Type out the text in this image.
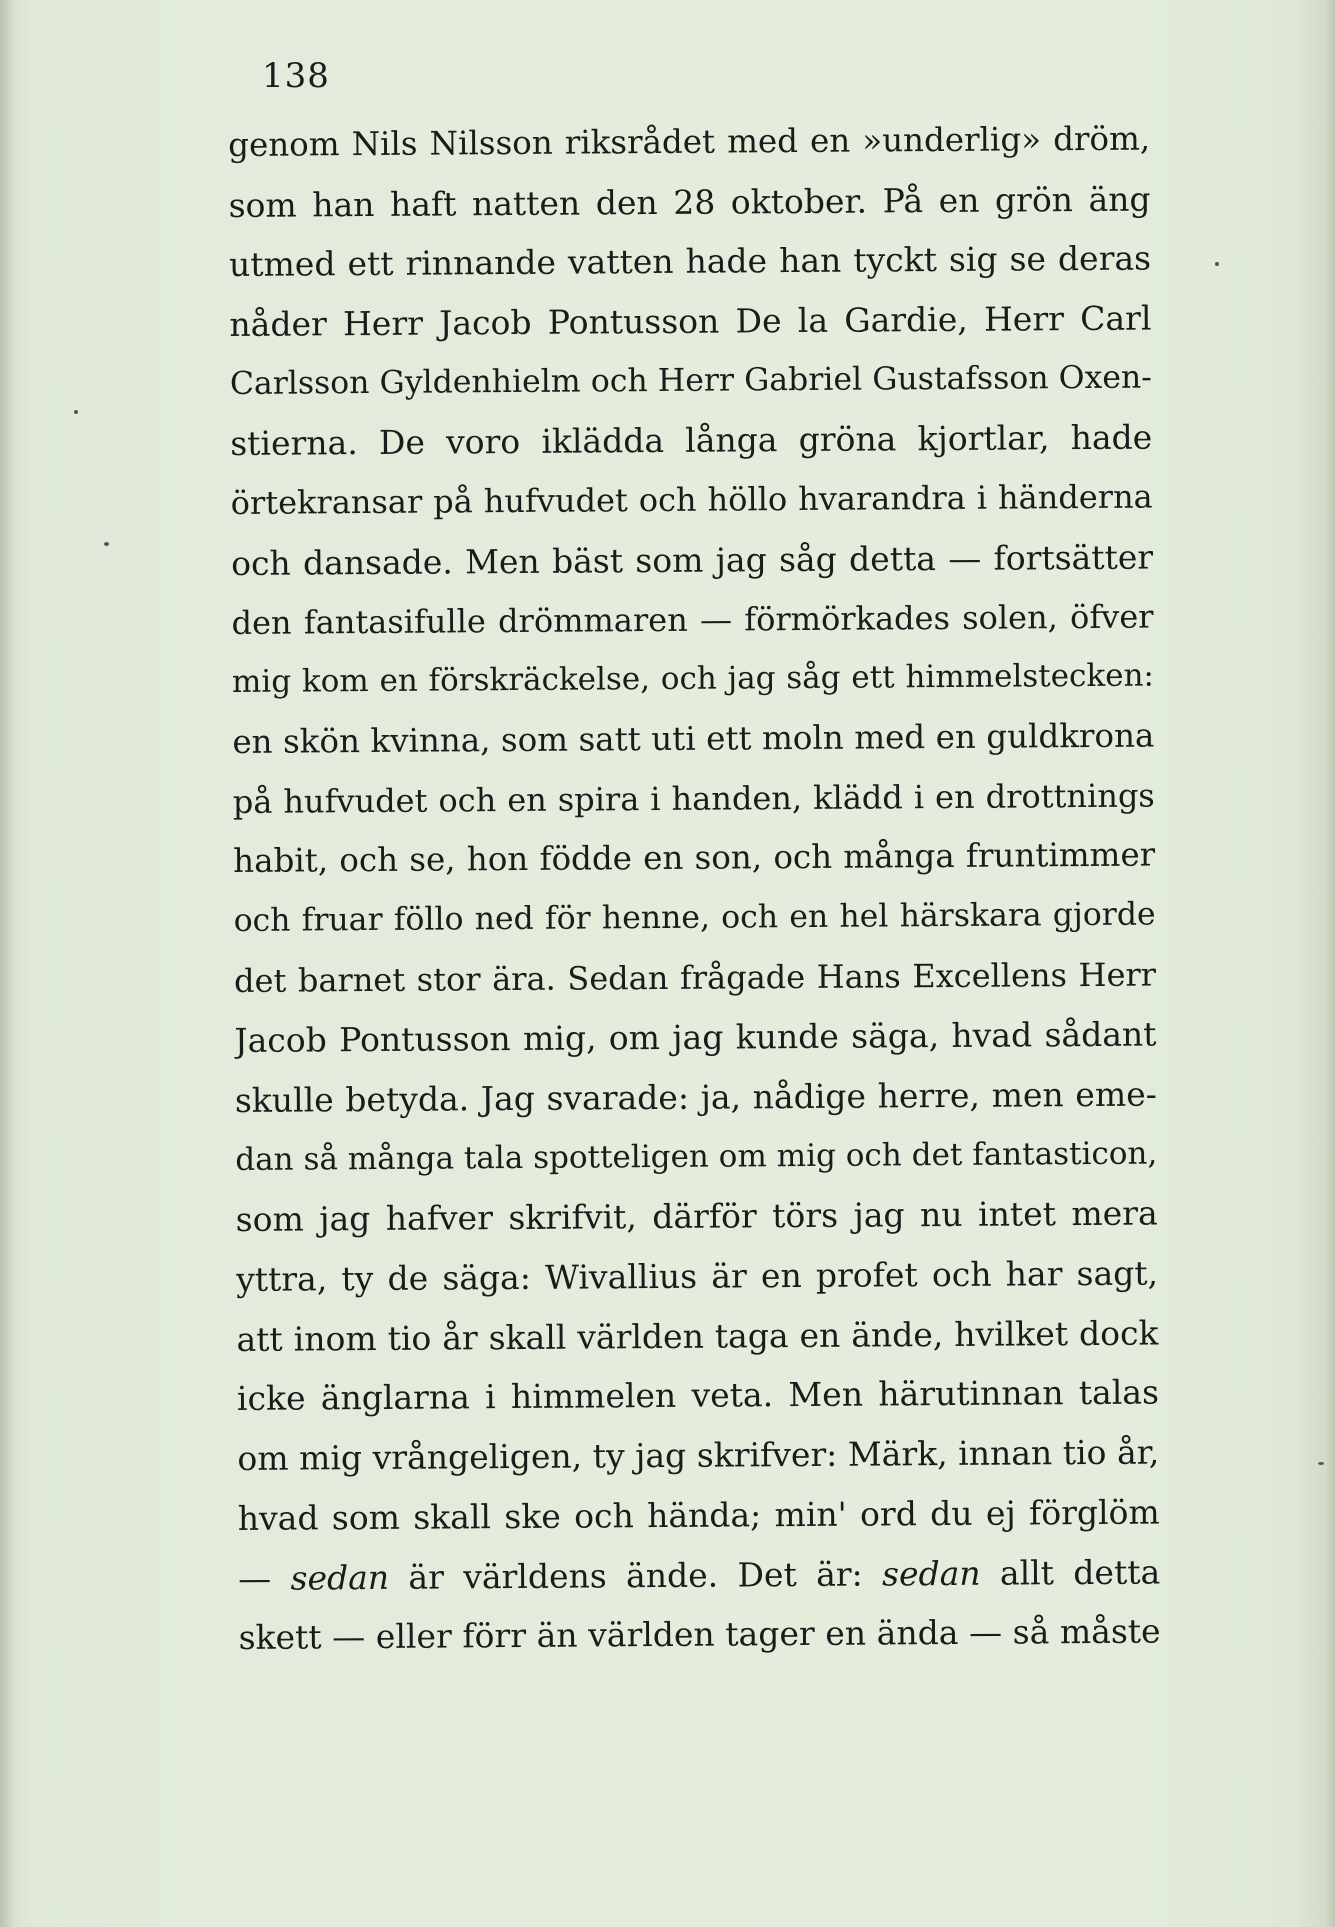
138
genom Nils Nilsson riksrådet med en »underlig» dröm,
som han haft natten den 28 oktober. På en grön äng
utmed ett rinnande vatten hade han tyckt sig se deras
nåder Herr Jacob Pontusson De la Gardie, Herr Carl
Carlsson Gyldenhielm och Herr Gabriel Gustafsson Oxen-
stierna. De voro iklädda långa gröna kjortlar, hade
örtekransar på hufvudet och höllo hvarandra i händerna
och dansade. Men bäst som jag såg detta — fortsätter
den fantasifulle drömmaren — förmörkades solen, öfver
mig kom en förskräckelse, och jag såg ett himmelstecken:
en skön kvinna, som satt uti ett moln med en guldkrona
på hufvudet och en spira i handen, klädd i en drottnings
habit, och se, hon födde en son, och många fruntimmer
och fruar föllo ned för henne, och en hel härskara gjorde
det barnet stor ära. Sedan frågade Hans Excellens Herr
Jacob Pontusson mig, om jag kunde säga, hvad sådant
skulle betyda. Jag svarade: ja, nådige herre, men eme-
dan så många tala spotteligen om mig och det fantasticon,
som jag hafver skrifvit, därför törs jag nu intet mera
yttra, ty de säga: Wivallius är en profet och har sagt,
att inom tio år skall världen taga en ände, hvilket dock
icke änglarna i himmelen veta. Men härutinnan talas
om mig vrångeligen, ty jag skrifver: Märk, innan tio år,
hvad som skall ske och hända; min' ord du ej förglöm
— sedan är världens ände. Det är: sedan allt detta
skett — eller förr än världen tager en ända — så måste
